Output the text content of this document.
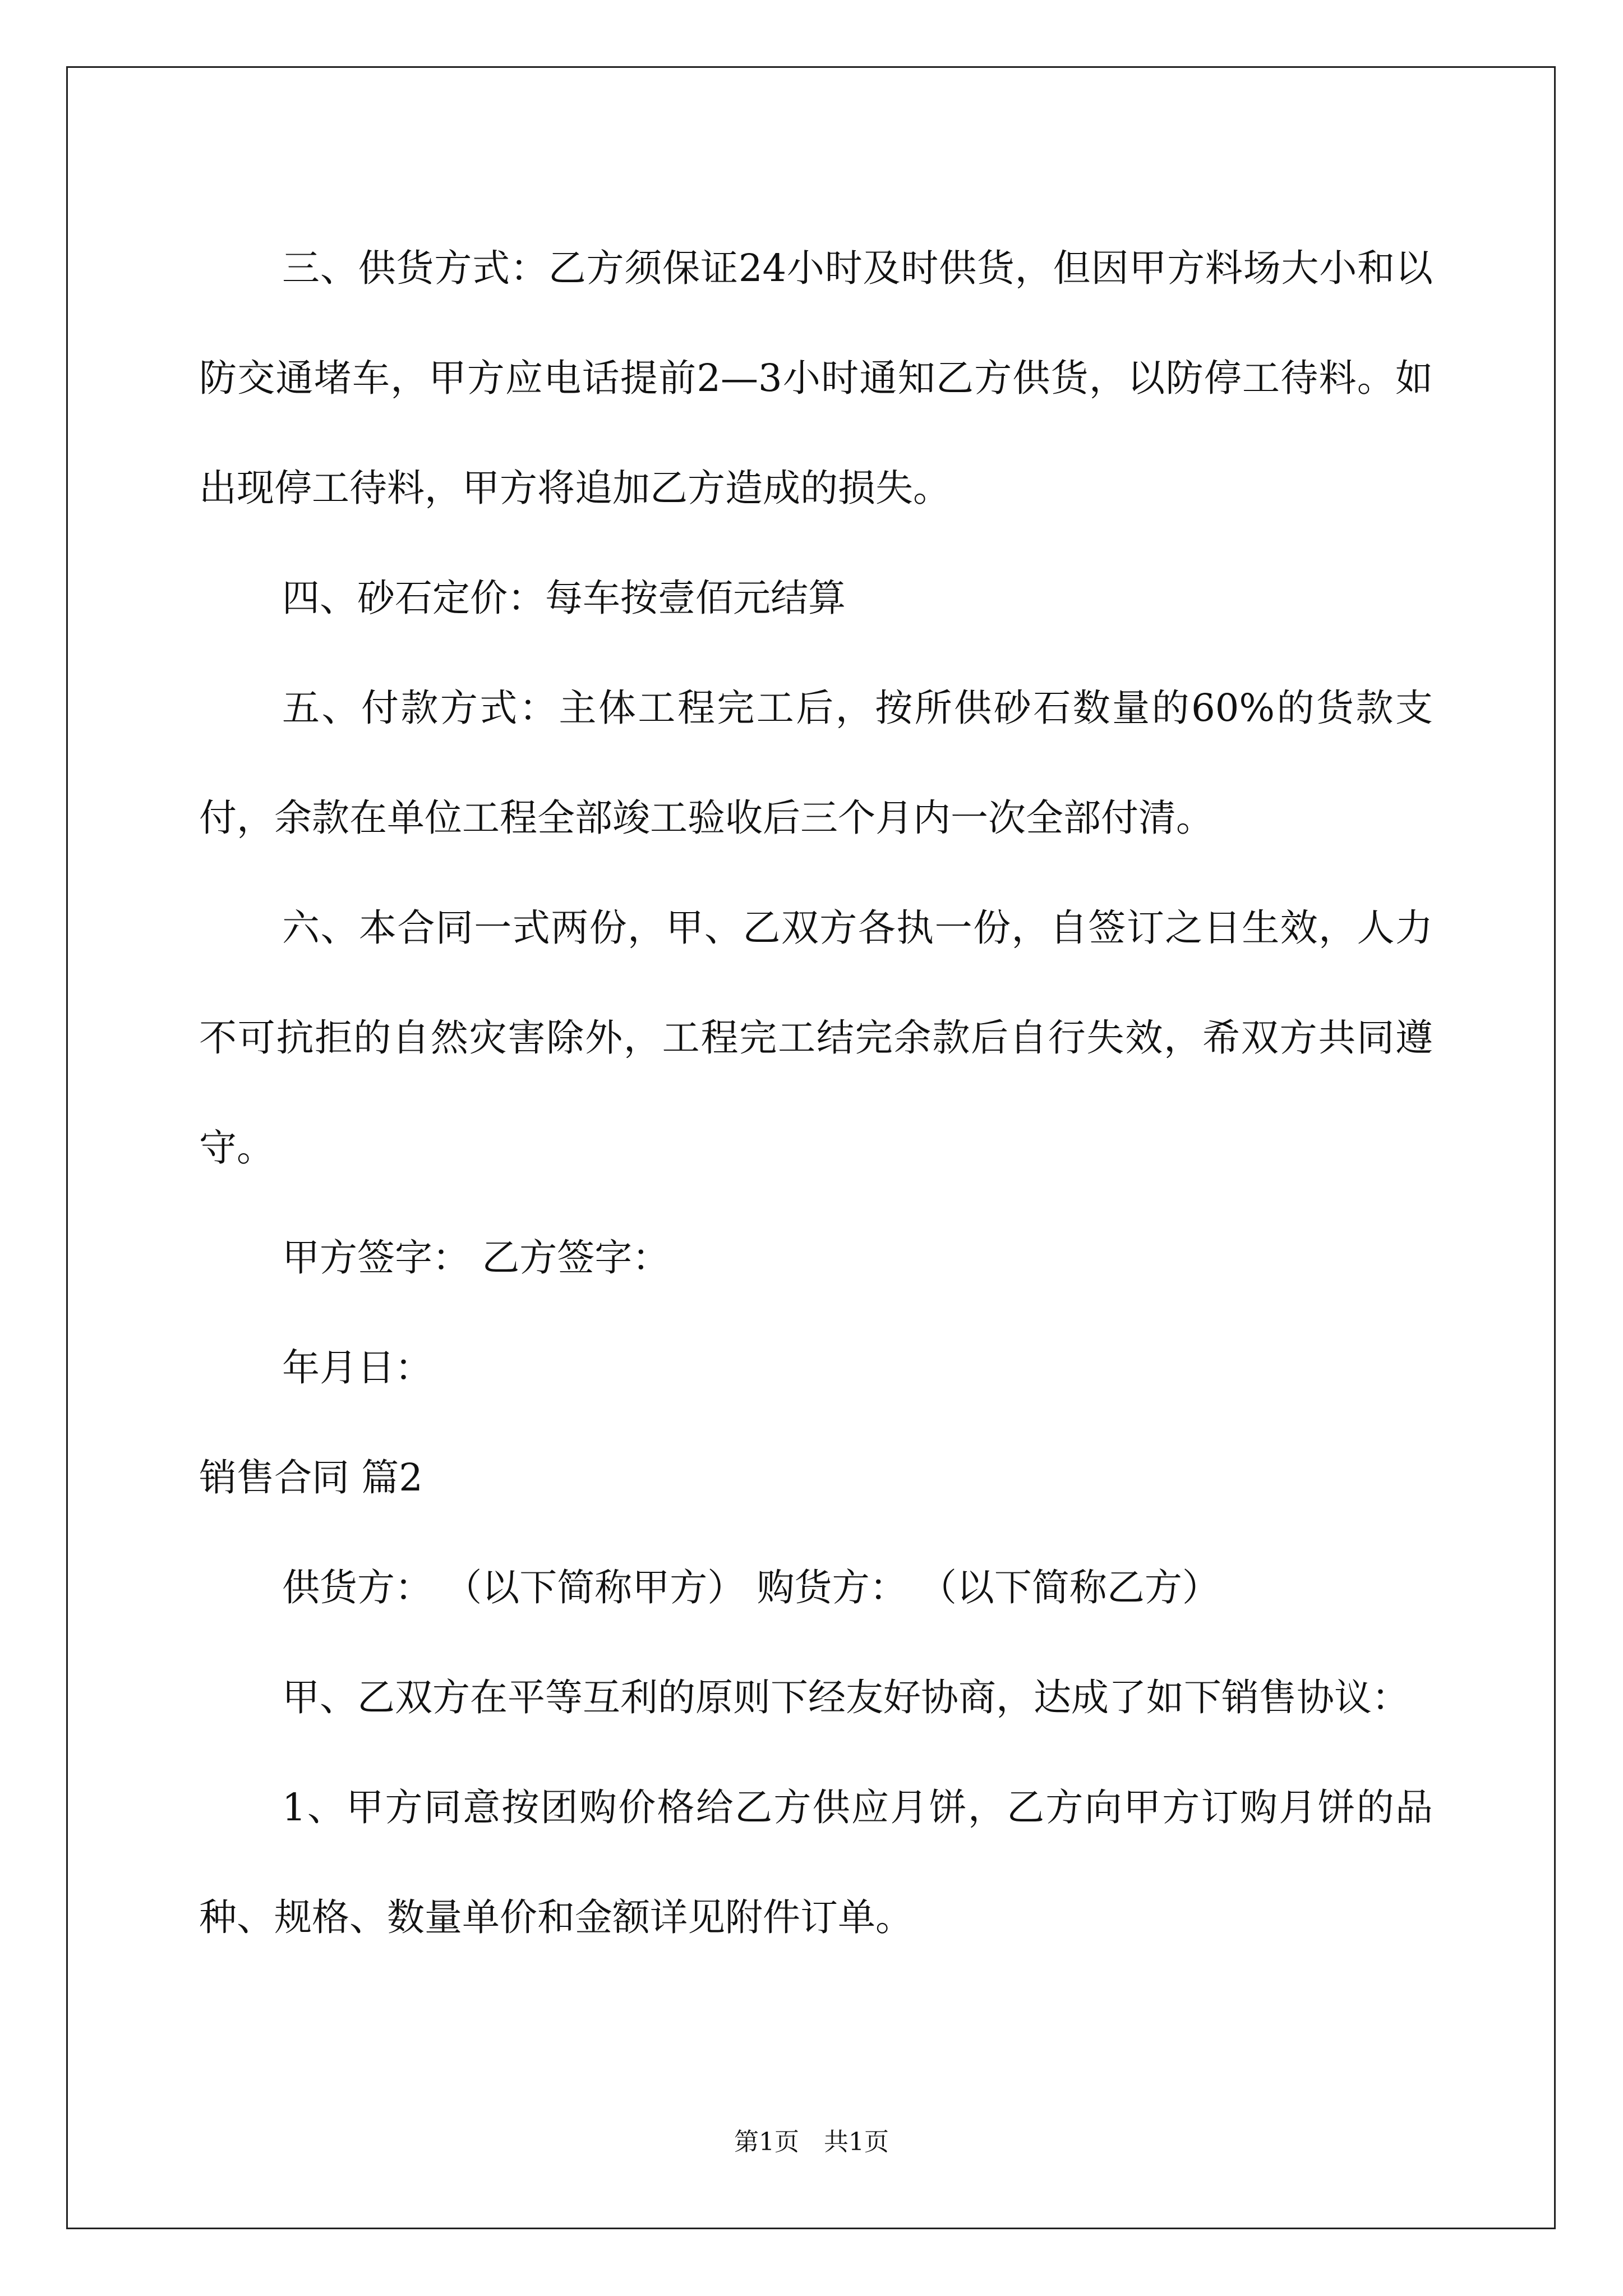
三、供货方式：乙方须保证24小时及时供货，但因甲方料场大小和以防交通堵车，甲方应电话提前2—3小时通知乙方供货，以防停工待料。如出现停工待料，甲方将追加乙方造成的损失。

四、砂石定价：每车按壹佰元结算

五、付款方式：主体工程完工后，按所供砂石数量的60%的货款支付，余款在单位工程全部竣工验收后三个月内一次全部付清。

六、本合同一式两份，甲、乙双方各执一份，自签订之日生效，人力不可抗拒的自然灾害除外，工程完工结完余款后自行失效，希双方共同遵守。

甲方签字： 乙方签字：

年月日：

销售合同 篇2

供货方： （以下简称甲方） 购货方： （以下简称乙方）

甲、乙双方在平等互利的原则下经友好协商，达成了如下销售协议：

1、甲方同意按团购价格给乙方供应月饼，乙方向甲方订购月饼的品种、规格、数量单价和金额详见附件订单。

第1页　共1页
